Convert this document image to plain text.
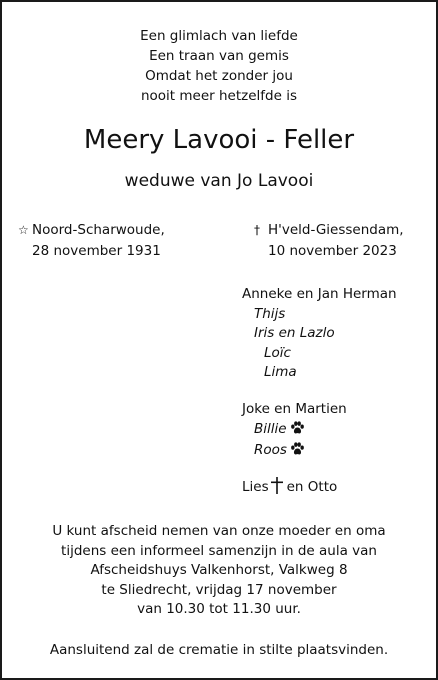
Een glimlach van liefde
Een traan van gemis
Omdat het zonder jou
nooit meer hetzelfde is
Meery Lavooi - Feller
weduwe van Jo Lavooi
☆ Noord-Scharwoude,
28 november 1931
† H'veld-Giessendam,
10 november 2023
Anneke en Jan Herman
Thijs
Iris en Lazlo
Loïc
Lima
Joke en Martien
Billie
Roos
Lies en Otto
U kunt afscheid nemen van onze moeder en oma
tijdens een informeel samenzijn in de aula van
Afscheidshuys Valkenhorst, Valkweg 8
te Sliedrecht, vrijdag 17 november
van 10.30 tot 11.30 uur.
Aansluitend zal de crematie in stilte plaatsvinden.
